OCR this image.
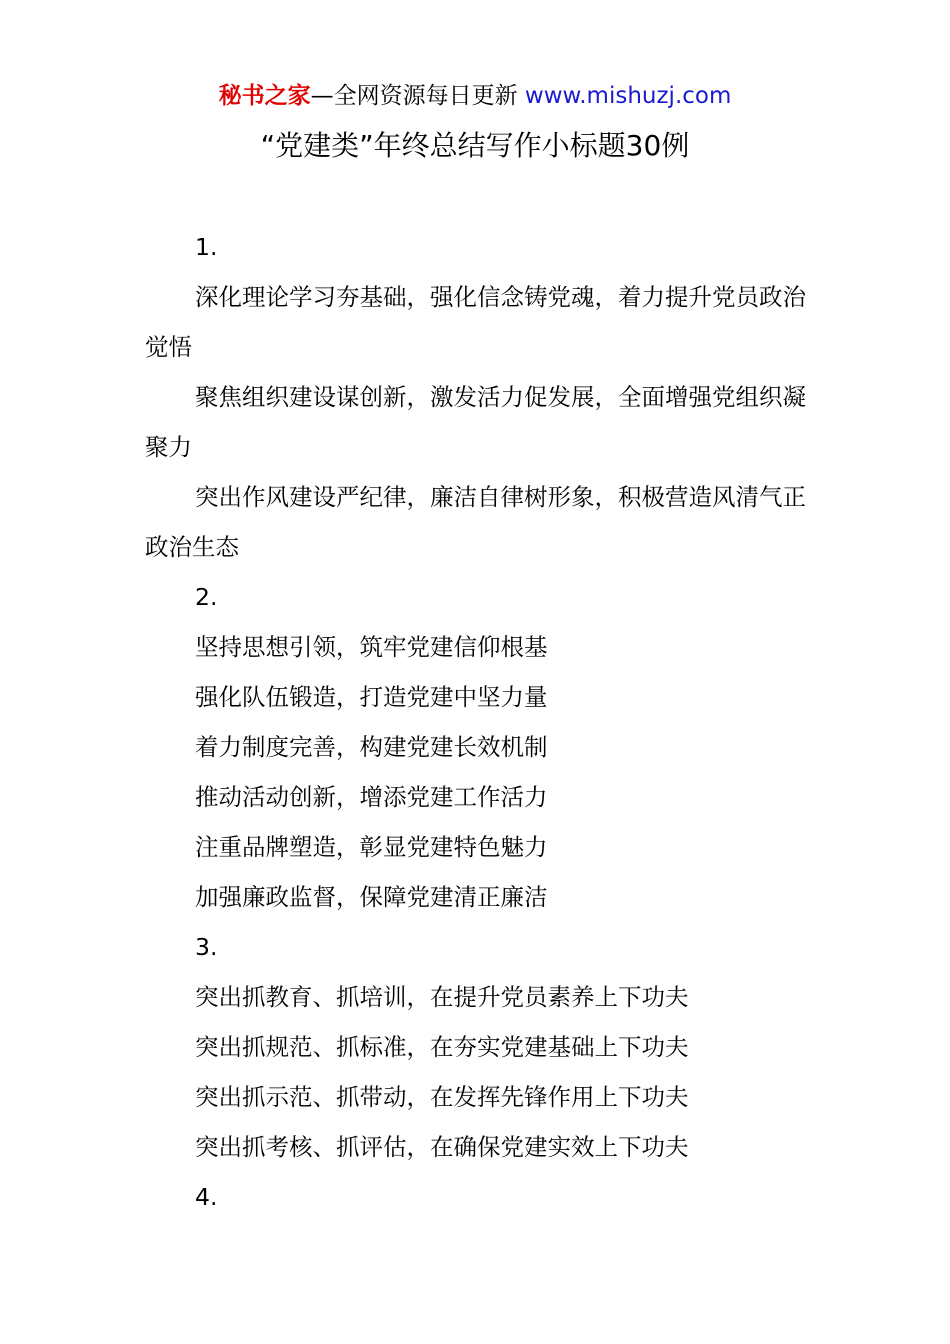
秘书之家—全网资源每日更新 www.mishuzj.com
“党建类”年终总结写作小标题30例

1.

深化理论学习夯基础，强化信念铸党魂，着力提升党员政治觉悟

聚焦组织建设谋创新，激发活力促发展，全面增强党组织凝聚力

突出作风建设严纪律，廉洁自律树形象，积极营造风清气正政治生态

2.

坚持思想引领，筑牢党建信仰根基

强化队伍锻造，打造党建中坚力量

着力制度完善，构建党建长效机制

推动活动创新，增添党建工作活力

注重品牌塑造，彰显党建特色魅力

加强廉政监督，保障党建清正廉洁

3.

突出抓教育、抓培训，在提升党员素养上下功夫

突出抓规范、抓标准，在夯实党建基础上下功夫

突出抓示范、抓带动，在发挥先锋作用上下功夫

突出抓考核、抓评估，在确保党建实效上下功夫

4.
